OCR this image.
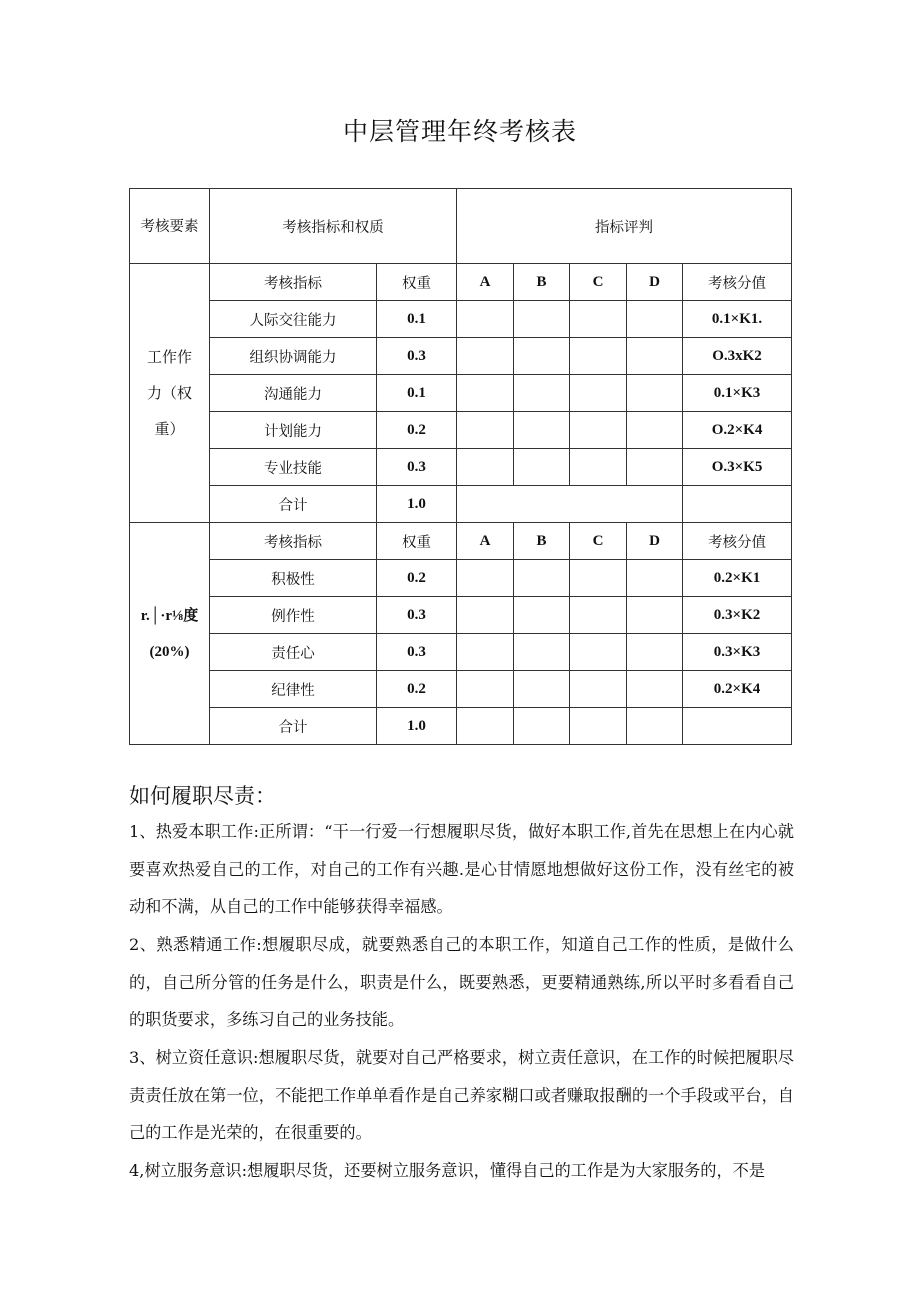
中层管理年终考核表
考核要素	考核指标和权质		指标评判				

工作作
力（权
重）	考核指标	权重	A	B	C	D	考核分值
	人际交往能力	0.1					0.1×K1.
	组织协调能力	0.3					O.3xK2
	沟通能力	0.1					0.1×K3
	计划能力	0.2					O.2×K4
	专业技能	0.3					O.3×K5
	合计	1.0					

r.│·r⅛度
(20%)	考核指标	权重	A	B	C	D	考核分值
	积极性	0.2					0.2×K1
	例作性	0.3					0.3×K2
	责任心	0.3					0.3×K3
	纪律性	0.2					0.2×K4
	合计	1.0					
如何履职尽责：

1、热爱本职工作:正所谓：“干一行爱一行想履职尽货，做好本职工作,首先在思想上在内心就要喜欢热爱自己的工作，对自己的工作有兴趣.是心甘情愿地想做好这份工作，没有丝宅的被动和不满，从自己的工作中能够获得幸福感。

2、熟悉精通工作:想履职尽成，就要熟悉自己的本职工作，知道自己工作的性质，是做什么的，自己所分管的任务是什么，职责是什么，既要熟悉，更要精通熟练,所以平时多看看自己的职货要求，多练习自己的业务技能。

3、树立资任意识:想履职尽货，就要对自己严格要求，树立责任意识，在工作的时候把履职尽责责任放在第一位，不能把工作单单看作是自己养家糊口或者赚取报酬的一个手段或平台，自己的工作是光荣的，在很重要的。

4,树立服务意识:想履职尽货，还要树立服务意识，懂得自己的工作是为大家服务的，不是
